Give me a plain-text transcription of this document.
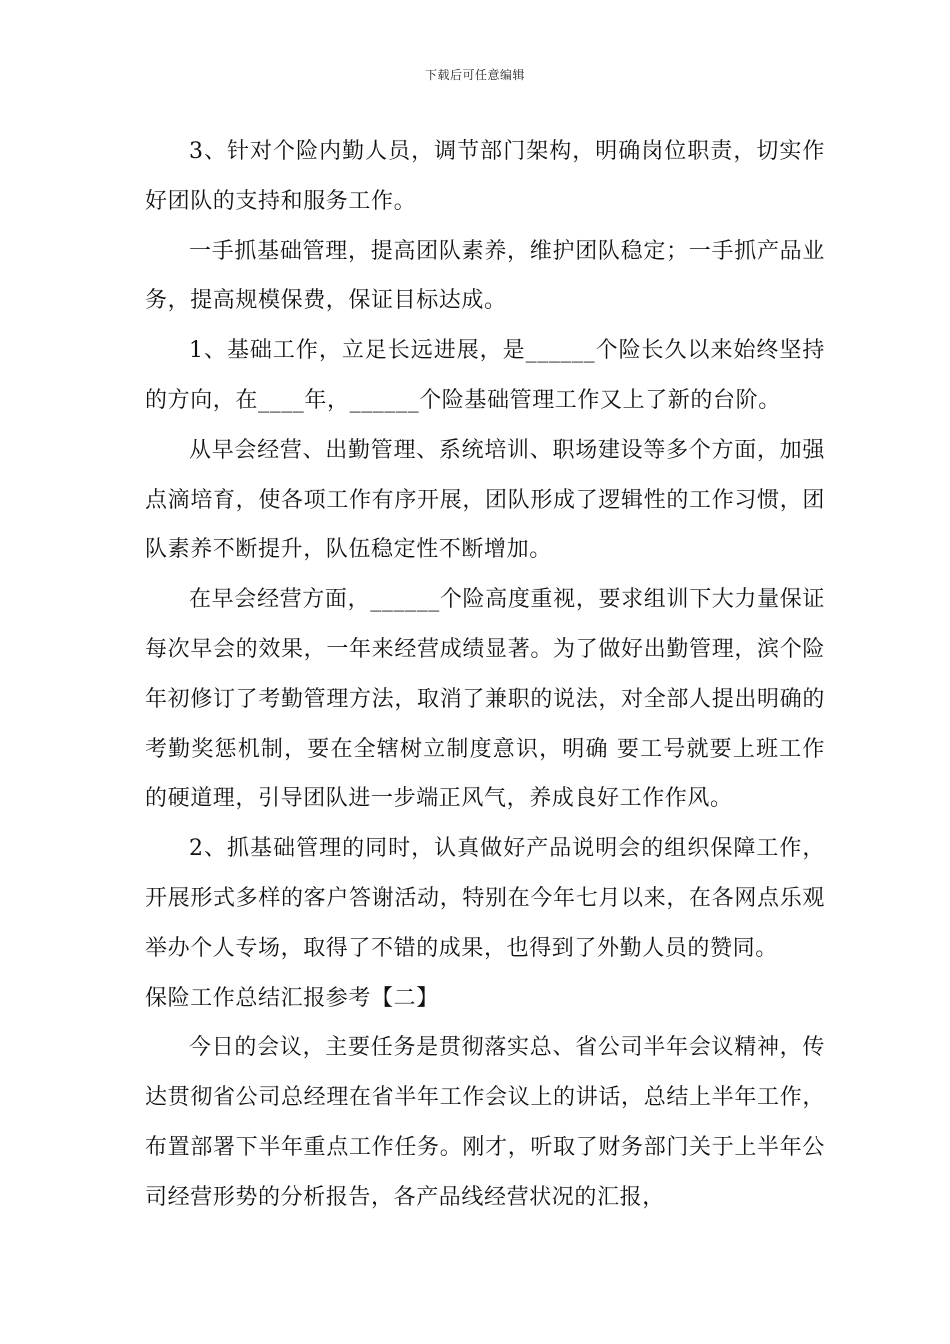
下载后可任意编辑

3、针对个险内勤人员，调节部门架构，明确岗位职责，切实作好团队的支持和服务工作。

一手抓基础管理，提高团队素养，维护团队稳定；一手抓产品业务，提高规模保费，保证目标达成。

1、基础工作，立足长远进展，是______个险长久以来始终坚持的方向，在____年，______个险基础管理工作又上了新的台阶。

从早会经营、出勤管理、系统培训、职场建设等多个方面，加强点滴培育，使各项工作有序开展，团队形成了逻辑性的工作习惯，团队素养不断提升，队伍稳定性不断增加。

在早会经营方面，______个险高度重视，要求组训下大力量保证每次早会的效果，一年来经营成绩显著。为了做好出勤管理，滨个险年初修订了考勤管理方法，取消了兼职的说法，对全部人提出明确的考勤奖惩机制，要在全辖树立制度意识，明确 要工号就要上班工作的硬道理，引导团队进一步端正风气，养成良好工作作风。

2、抓基础管理的同时，认真做好产品说明会的组织保障工作，开展形式多样的客户答谢活动，特别在今年七月以来，在各网点乐观举办个人专场，取得了不错的成果，也得到了外勤人员的赞同。

保险工作总结汇报参考【二】

今日的会议，主要任务是贯彻落实总、省公司半年会议精神，传达贯彻省公司总经理在省半年工作会议上的讲话，总结上半年工作，布置部署下半年重点工作任务。刚才，听取了财务部门关于上半年公司经营形势的分析报告，各产品线经营状况的汇报，
